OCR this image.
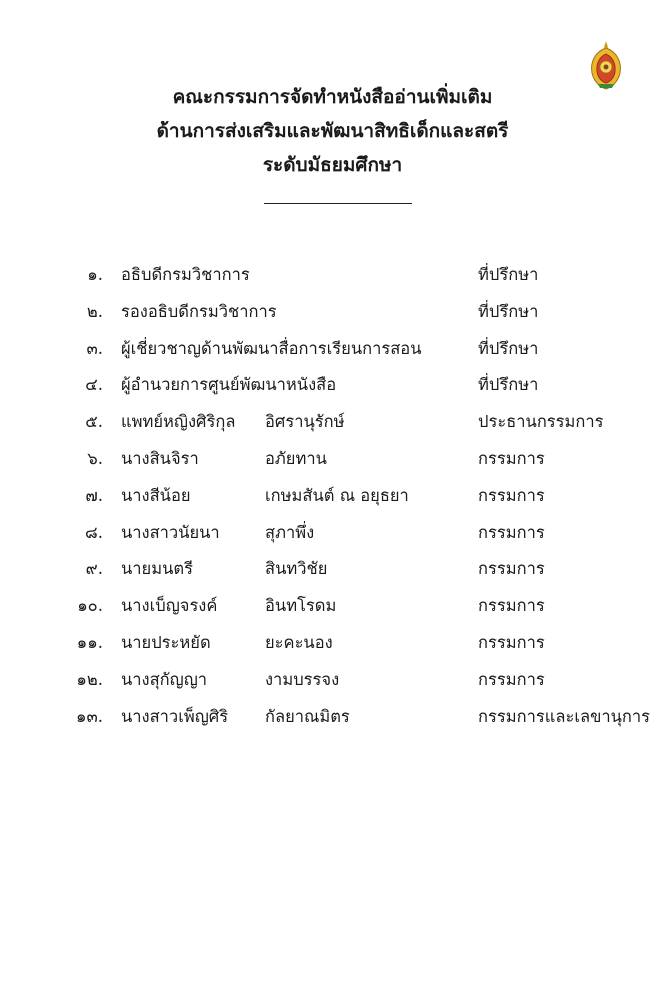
คณะกรรมการจัดทำหนังสืออ่านเพิ่มเติม
ด้านการส่งเสริมและพัฒนาสิทธิเด็กและสตรี
ระดับมัธยมศึกษา
๑. อธิบดีกรมวิชาการ	ที่ปรึกษา
๒. รองอธิบดีกรมวิชาการ	ที่ปรึกษา
๓. ผู้เชี่ยวชาญด้านพัฒนาสื่อการเรียนการสอน	ที่ปรึกษา
๔. ผู้อำนวยการศูนย์พัฒนาหนังสือ	ที่ปรึกษา
๕. แพทย์หญิงศิริกุล อิศรานุรักษ์	ประธานกรรมการ
๖. นางสินจิรา	อภัยทาน	กรรมการ
๗. นางสีน้อย	เกษมสันต์ ณ อยุธยา	กรรมการ
๘. นางสาวนัยนา	สุภาพึ่ง	กรรมการ
๙. นายมนตรี	สินทวิชัย	กรรมการ
๑๐. นางเบ็ญจรงค์	อินทโรดม	กรรมการ
๑๑. นายประหยัด	ยะคะนอง	กรรมการ
๑๒. นางสุกัญญา	งามบรรจง	กรรมการ
๑๓. นางสาวเพ็ญศิริ กัลยาณมิตร	กรรมการและเลขานุการ
